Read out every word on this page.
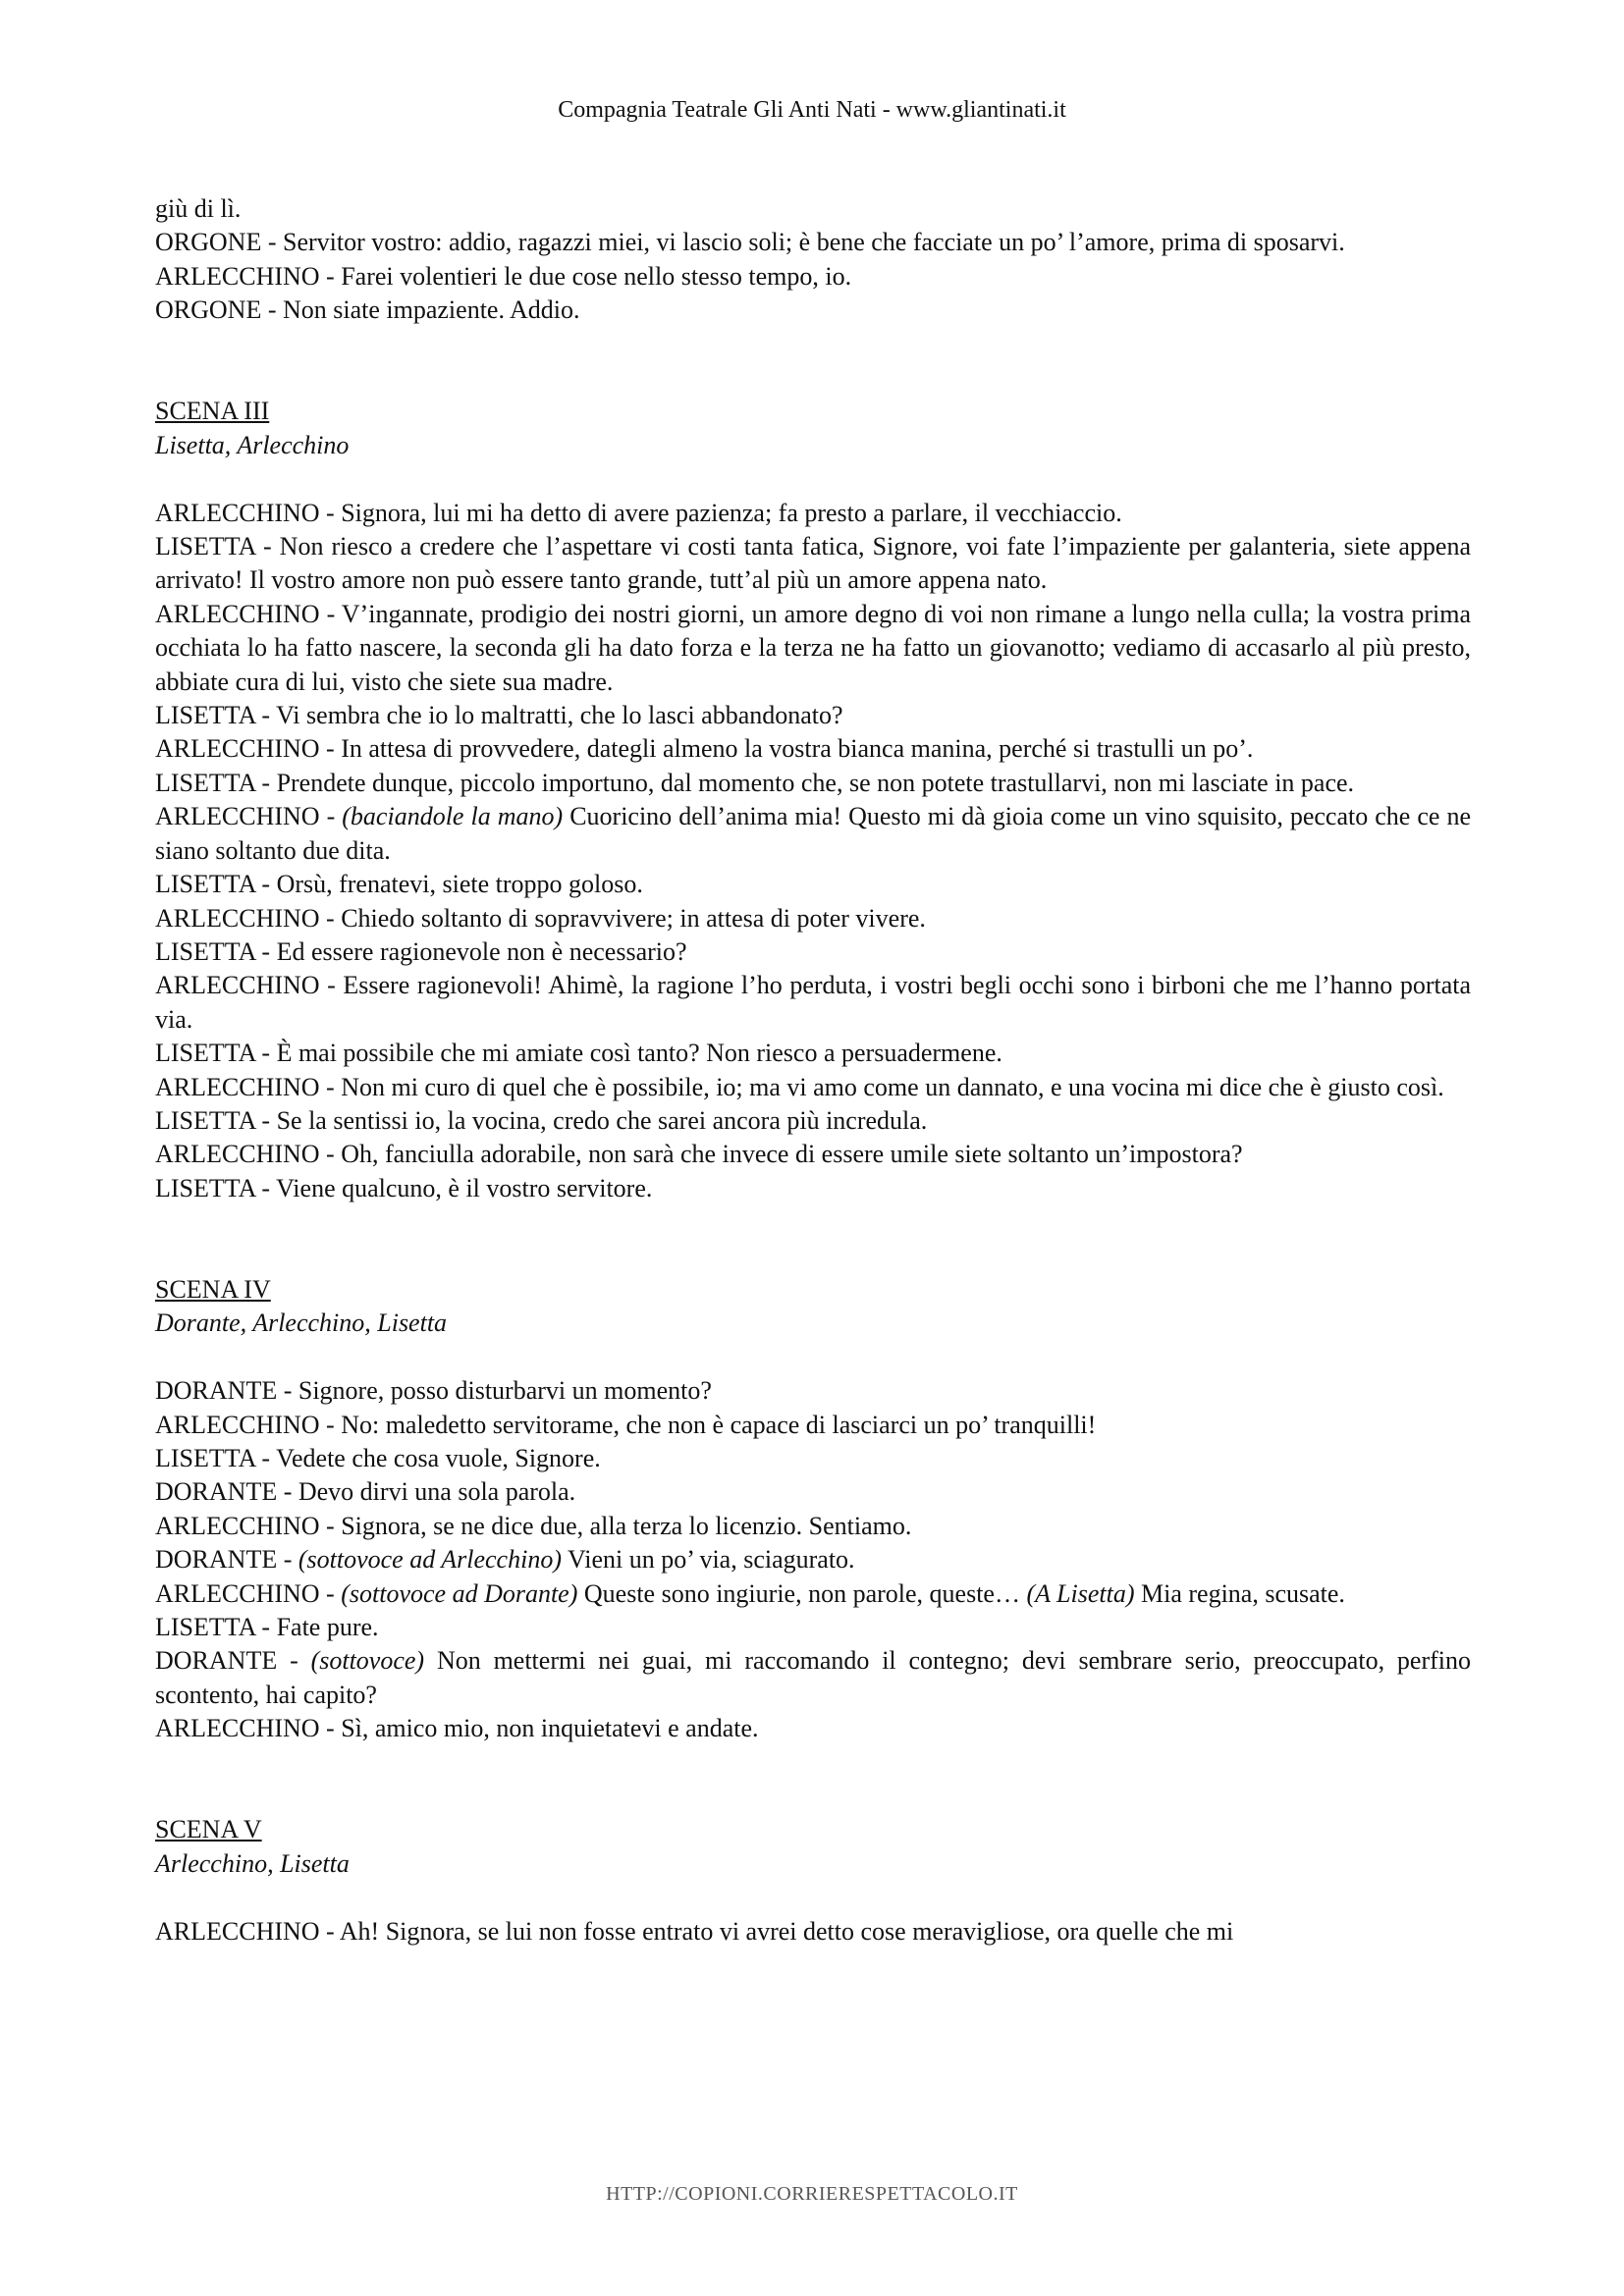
Compagnia Teatrale Gli Anti Nati - www.gliantinati.it

giù di lì.

ORGONE - Servitor vostro: addio, ragazzi miei, vi lascio soli; è bene che facciate un po’ l’amore, prima di sposarvi.

ARLECCHINO - Farei volentieri le due cose nello stesso tempo, io.

ORGONE - Non siate impaziente. Addio.

SCENA III

Lisetta, Arlecchino

ARLECCHINO - Signora, lui mi ha detto di avere pazienza; fa presto a parlare, il vecchiaccio.

LISETTA - Non riesco a credere che l’aspettare vi costi tanta fatica, Signore, voi fate l’impaziente per galanteria, siete appena arrivato! Il vostro amore non può essere tanto grande, tutt’al più un amore appena nato.

ARLECCHINO - V’ingannate, prodigio dei nostri giorni, un amore degno di voi non rimane a lungo nella culla; la vostra prima occhiata lo ha fatto nascere, la seconda gli ha dato forza e la terza ne ha fatto un giovanotto; vediamo di accasarlo al più presto, abbiate cura di lui, visto che siete sua madre.

LISETTA - Vi sembra che io lo maltratti, che lo lasci abbandonato?

ARLECCHINO - In attesa di provvedere, dategli almeno la vostra bianca manina, perché si trastulli un po’.

LISETTA - Prendete dunque, piccolo importuno, dal momento che, se non potete trastullarvi, non mi lasciate in pace.

ARLECCHINO - (baciandole la mano) Cuoricino dell’anima mia! Questo mi dà gioia come un vino squisito, peccato che ce ne siano soltanto due dita.

LISETTA - Orsù, frenatevi, siete troppo goloso.

ARLECCHINO - Chiedo soltanto di sopravvivere; in attesa di poter vivere.

LISETTA - Ed essere ragionevole non è necessario?

ARLECCHINO - Essere ragionevoli! Ahimè, la ragione l’ho perduta, i vostri begli occhi sono i birboni che me l’hanno portata via.

LISETTA - È mai possibile che mi amiate così tanto? Non riesco a persuadermene.

ARLECCHINO - Non mi curo di quel che è possibile, io; ma vi amo come un dannato, e una vocina mi dice che è giusto così.

LISETTA - Se la sentissi io, la vocina, credo che sarei ancora più incredula.

ARLECCHINO - Oh, fanciulla adorabile, non sarà che invece di essere umile siete soltanto un’impostora?

LISETTA - Viene qualcuno, è il vostro servitore.

SCENA IV

Dorante, Arlecchino, Lisetta

DORANTE - Signore, posso disturbarvi un momento?

ARLECCHINO - No: maledetto servitorame, che non è capace di lasciarci un po’ tranquilli!

LISETTA - Vedete che cosa vuole, Signore.

DORANTE - Devo dirvi una sola parola.

ARLECCHINO - Signora, se ne dice due, alla terza lo licenzio. Sentiamo.

DORANTE - (sottovoce ad Arlecchino) Vieni un po’ via, sciagurato.

ARLECCHINO - (sottovoce ad Dorante) Queste sono ingiurie, non parole, queste… (A Lisetta) Mia regina, scusate.

LISETTA - Fate pure.

DORANTE - (sottovoce) Non mettermi nei guai, mi raccomando il contegno; devi sembrare serio, preoccupato, perfino scontento, hai capito?

ARLECCHINO - Sì, amico mio, non inquietatevi e andate.

SCENA V

Arlecchino, Lisetta

ARLECCHINO - Ah! Signora, se lui non fosse entrato vi avrei detto cose meravigliose, ora quelle che mi

HTTP://COPIONI.CORRIERESPETTACOLO.IT
